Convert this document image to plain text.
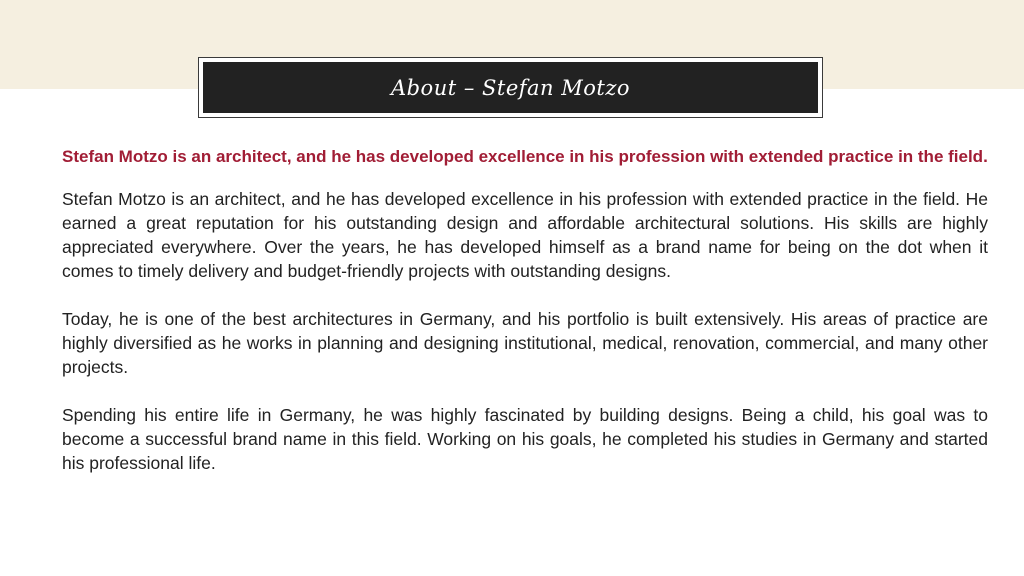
About – Stefan Motzo

Stefan Motzo is an architect, and he has developed excellence in his profession with extended practice in the field.

Stefan Motzo is an architect, and he has developed excellence in his profession with extended practice in the field. He earned a great reputation for his outstanding design and affordable architectural solutions. His skills are highly appreciated everywhere. Over the years, he has developed himself as a brand name for being on the dot when it comes to timely delivery and budget-friendly projects with outstanding designs.

Today, he is one of the best architectures in Germany, and his portfolio is built extensively. His areas of practice are highly diversified as he works in planning and designing institutional, medical, renovation, commercial, and many other projects.

Spending his entire life in Germany, he was highly fascinated by building designs. Being a child, his goal was to become a successful brand name in this field. Working on his goals, he completed his studies in Germany and started his professional life.
